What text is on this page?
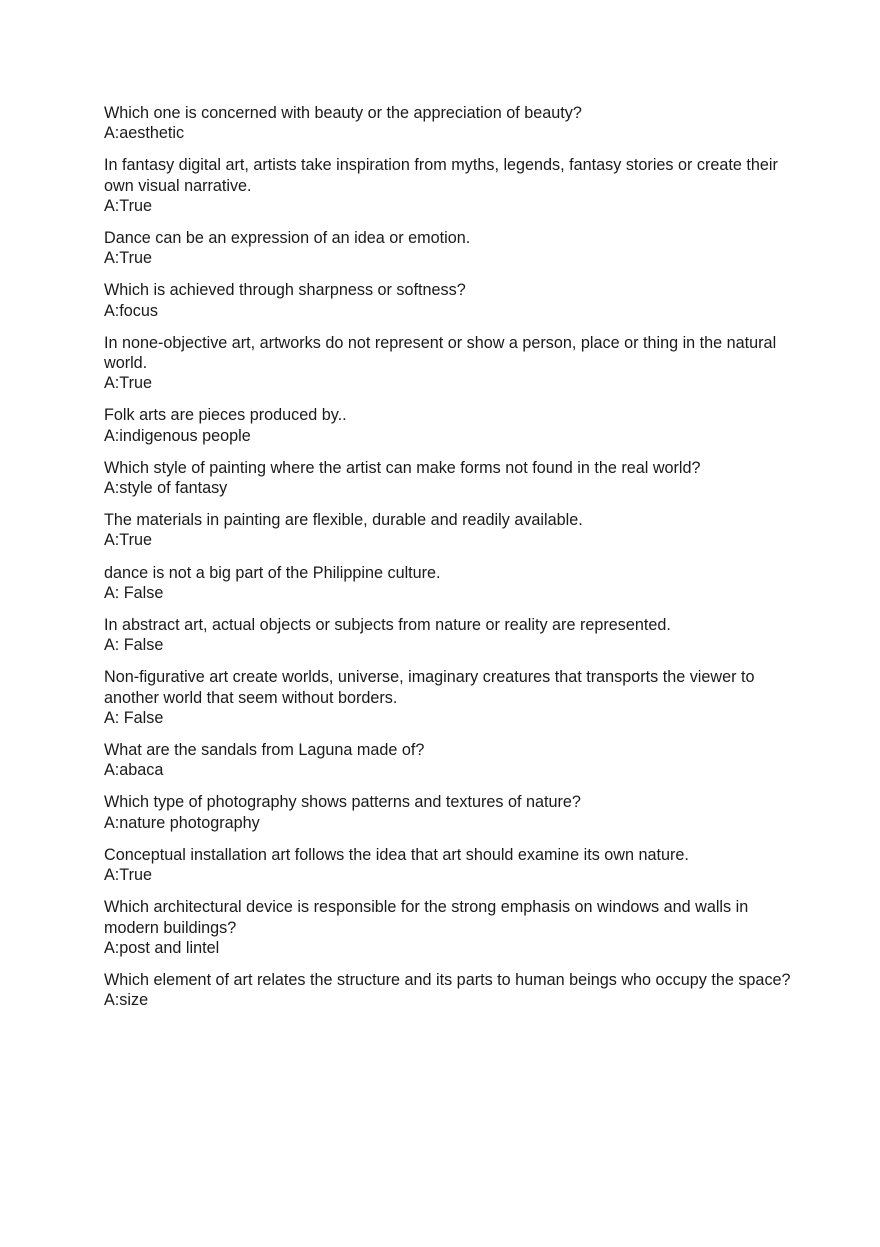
Which one is concerned with beauty or the appreciation of beauty?
A:aesthetic
In fantasy digital art, artists take inspiration from myths, legends, fantasy stories or create their own visual narrative.
A:True
Dance can be an expression of an idea or emotion.
A:True
Which is achieved through sharpness or softness?
A:focus
In none-objective art, artworks do not represent or show a person, place or thing in the natural world.
A:True
Folk arts are pieces produced by..
A:indigenous people
Which style of painting where the artist can make forms not found in the real world?
A:style of fantasy
The materials in painting are flexible, durable and readily available.
A:True
dance is not a big part of the Philippine culture.
A: False
In abstract art, actual objects or subjects from nature or reality are represented.
A: False
Non-figurative art create worlds, universe, imaginary creatures that transports the viewer to another world that seem without borders.
A: False
What are the sandals from Laguna made of?
A:abaca
Which type of photography shows patterns and textures of nature?
A:nature photography
Conceptual installation art follows the idea that art should examine its own nature.
A:True
Which architectural device is responsible for the strong emphasis on windows and walls in modern buildings?
A:post and lintel
Which element of art relates the structure and its parts to human beings who occupy the space?
A:size
